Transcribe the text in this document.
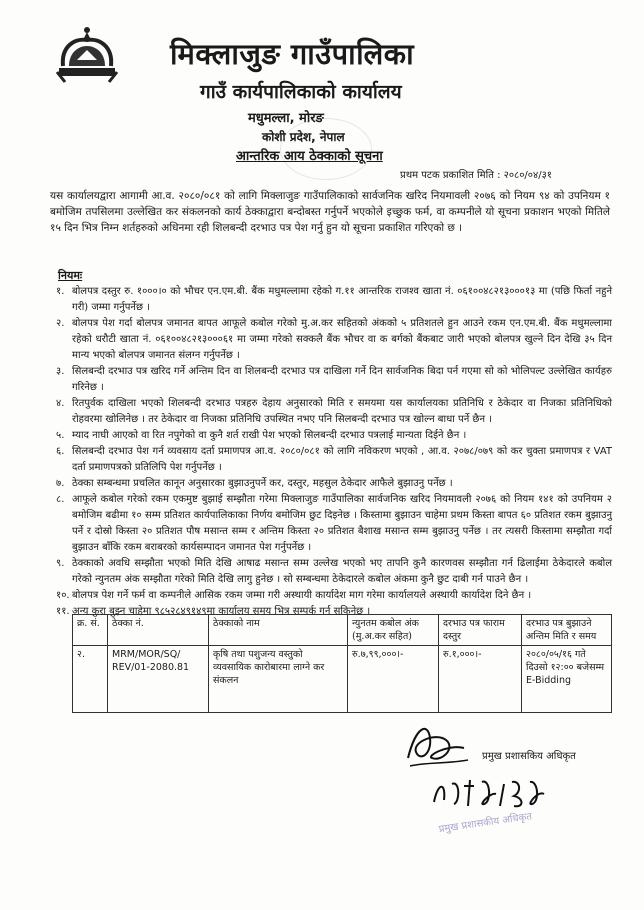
मिक्लाजुङ गाउँपालिका
गाउँ कार्यपालिकाको कार्यालय
मधुमल्ला, मोरङ
कोशी प्रदेश, नेपाल
आन्तरिक आय ठेक्काको सूचना
प्रथम पटक प्रकाशित मिति : २०८०/०४/३१
यस कार्यालयद्वारा आगामी आ.व. २०८०/०८१ को लागि मिक्लाजुङ गाउँपालिकाको सार्वजनिक खरिद नियमावली २०७६ को नियम ९४ को उपनियम १ बमोजिम तपसिलमा उल्लेखित कर संकलनको कार्य ठेक्काद्वारा बन्दोबस्त गर्नुपर्ने भएकोले इच्छुक फर्म, वा कम्पनीले यो सूचना प्रकाशन भएको मितिले १५ दिन भित्र निम्न शर्तहरुको अधिनमा रही शिलबन्दी दरभाउ पत्र पेश गर्नु हुन यो सूचना प्रकाशित गरिएको छ ।
नियमः
१. बोलपत्र दस्तुर रु. १०००।० को भौचर एन.एम.बी. बैंक मधुमल्लामा रहेको ग.११ आन्तरिक राजश्व खाता नं. ०६१००४८२१३०००१३ मा (पछि फिर्ता नहुने गरी) जम्मा गर्नुपर्नेछ ।
२. बोलपत्र पेश गर्दा बोलपत्र जमानत बापत आफूले कबोल गरेको मु.अ.कर सहितको अंकको ५ प्रतिशतले हुन आउने रकम एन.एम.बी. बैंक मधुमल्लामा रहेको धरौटी खाता नं. ०६१००४८२१३०००६१ मा जम्मा गरेको सक्कलै बैंक भौचर वा क बर्गको बैंकबाट जारी भएको बोलपत्र खुल्ने दिन देखि ३५ दिन मान्य भएको बोलपत्र जमानत संलग्न गर्नुपर्नेछ ।
३. सिलबन्दी दरभाउ पत्र खरिद गर्ने अन्तिम दिन वा शिलबन्दी दरभाउ पत्र दाखिला गर्ने दिन सार्वजनिक बिदा पर्न गएमा सो को भोलिपल्ट उल्लेखित कार्यहरु गरिनेछ ।
४. रितपुर्वक दाखिला भएको शिलबन्दी दरभाउ पत्रहरु देहाय अनुसारको मिति र समयमा यस कार्यालयका प्रतिनिधि र ठेकेदार वा निजका प्रतिनिधिको रोहवरमा खोलिनेछ । तर ठेकेदार वा निजका प्रतिनिधि उपस्थित नभए पनि सिलबन्दी दरभाउ पत्र खोल्न बाधा पर्ने छैन ।
५. म्याद नाघी आएको वा रित नपुगेको वा कुनै शर्त राखी पेश भएको सिलबन्दी दरभाउ पत्रलाई मान्यता दिईने छैन ।
६. सिलबन्दी दरभाउ पेश गर्न व्यवसाय दर्ता प्रमाणपत्र आ.व. २०८०/०८१ को लागि नविकरण भएको , आ.व. २०७८/०७९ को कर चुक्ता प्रमाणपत्र र VAT दर्ता प्रमाणपत्रको प्रतिलिपि पेश गर्नुपर्नेछ ।
७. ठेक्का सम्बन्धमा प्रचलित कानून अनुसारका बुझाउनुपर्ने कर, दस्तुर, महसुल ठेकेदार आफैले बुझाउनु पर्नेछ ।
८. आफूले कबोल गरेको रकम एकमुष्ट बुझाई सम्झौता गरेमा मिक्लाजुङ गाउँपालिका सार्वजनिक खरिद नियमावली २०७६ को नियम १४१ को उपनियम २ बमोजिम बढीमा १० सम्म प्रतिशत कार्यपालिकाका निर्णय बमोजिम छुट दिइनेछ । किस्तामा बुझाउन चाहेमा प्रथम किस्ता बापत ६० प्रतिशत रकम बुझाउनु पर्ने र दोस्रो किस्ता २० प्रतिशत पौष मसान्त सम्म र अन्तिम किस्ता २० प्रतिशत बैशाख मसान्त सम्म बुझाउनु पर्नेछ । तर त्यसरी किस्तामा सम्झौता गर्दा बुझाउन बाँकि रकम बराबरको कार्यसम्पादन जमानत पेश गर्नुपर्नेछ ।
९. ठेक्काको अवधि सम्झौता भएको मिति देखि आषाढ मसान्त सम्म उल्लेख भएको भए तापनि कुनै कारणवस सम्झौता गर्न ढिलाईमा ठेकेदारले कबोल गरेको न्युनतम अंक सम्झौता गरेको मिति देखि लागु हुनेछ । सो सम्बन्धमा ठेकेदारले कबोल अंकमा कुनै छुट दाबी गर्न पाउने छैन ।
१०. बोलपत्र पेश गर्ने फर्म वा कम्पनीले आसिक रकम जम्मा गरी अस्थायी कार्यादेश माग गरेमा कार्यालयले अस्थायी कार्यादेश दिने छैन ।
११. अन्य कुरा बुझ्न चाहेमा ९८५२८४९१४९मा कार्यालय समय भित्र सम्पर्क गर्न सकिनेछ ।
क्र. सं.	ठेक्का नं.	ठेक्काको नाम	न्युनतम कबोल अंक (मु.अ.कर सहित)	दरभाउ पत्र फाराम दस्तुर	दरभाउ पत्र बुझाउने अन्तिम मिति र समय
२.	MRM/MOR/SQ/ REV/01-2080.81	कृषि तथा पशुजन्य वस्तुको व्यवसायिक कारोबारमा लाग्ने कर संकलन	रु.७,९९,०००।-	रु.१,०००।-	२०८०/०५/१६ गते दिउसो १२:०० बजेसम्म E-Bidding
प्रमुख प्रशासकिय अधिकृत
प्रमुख प्रशासकीय अधिकृत
